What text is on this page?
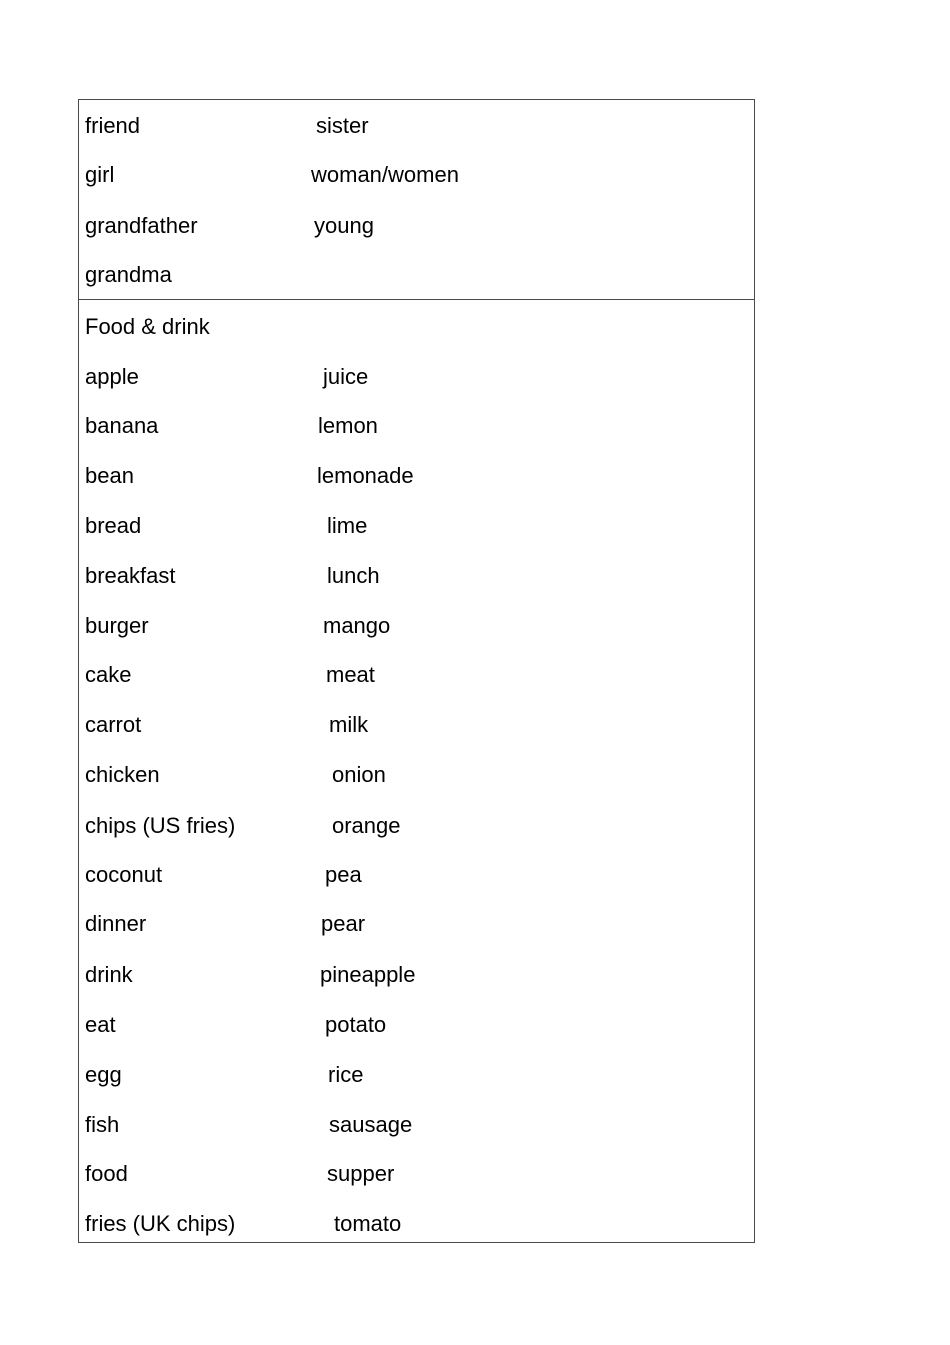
friend	sister
girl	woman/women
grandfather	young
grandma
Food & drink
apple	juice
banana	lemon
bean	lemonade
bread	lime
breakfast	lunch
burger	mango
cake	meat
carrot	milk
chicken	onion
chips (US fries)	orange
coconut	pea
dinner	pear
drink	pineapple
eat	potato
egg	rice
fish	sausage
food	supper
fries (UK chips)	tomato
